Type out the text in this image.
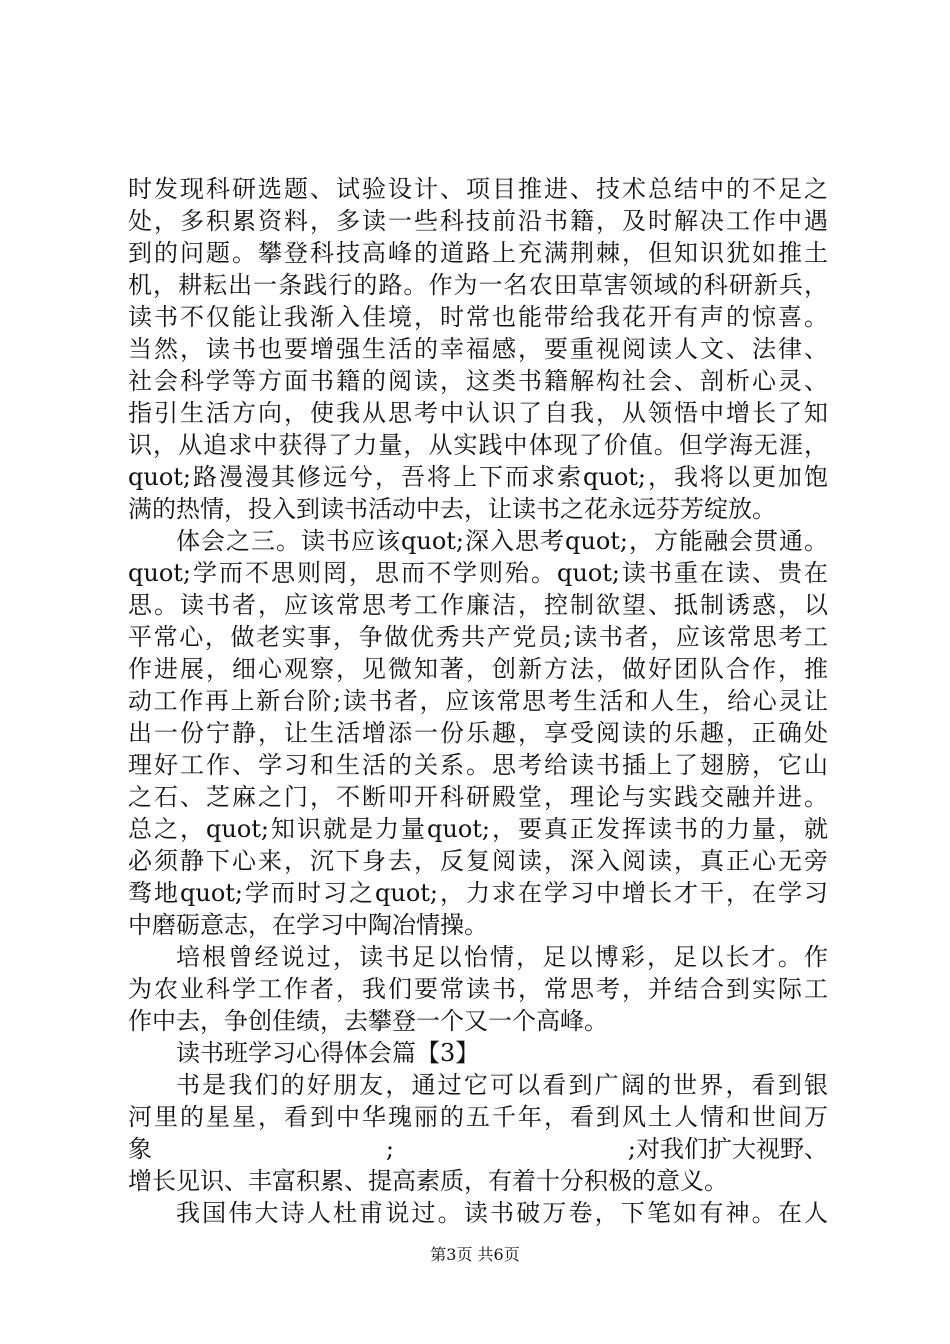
时发现科研选题、试验设计、项目推进、技术总结中的不足之
处，多积累资料，多读一些科技前沿书籍，及时解决工作中遇
到的问题。攀登科技高峰的道路上充满荆棘，但知识犹如推土
机，耕耘出一条践行的路。作为一名农田草害领域的科研新兵，
读书不仅能让我渐入佳境，时常也能带给我花开有声的惊喜。
当然，读书也要增强生活的幸福感，要重视阅读人文、法律、
社会科学等方面书籍的阅读，这类书籍解构社会、剖析心灵、
指引生活方向，使我从思考中认识了自我，从领悟中增长了知
识，从追求中获得了力量，从实践中体现了价值。但学海无涯，
quot;路漫漫其修远兮，吾将上下而求索quot;，我将以更加饱
满的热情，投入到读书活动中去，让读书之花永远芬芳绽放。
体会之三。读书应该quot;深入思考quot;，方能融会贯通。
quot;学而不思则罔，思而不学则殆。quot;读书重在读、贵在
思。读书者，应该常思考工作廉洁，控制欲望、抵制诱惑，以
平常心，做老实事，争做优秀共产党员;读书者，应该常思考工
作进展，细心观察，见微知著，创新方法，做好团队合作，推
动工作再上新台阶;读书者，应该常思考生活和人生，给心灵让
出一份宁静，让生活增添一份乐趣，享受阅读的乐趣，正确处
理好工作、学习和生活的关系。思考给读书插上了翅膀，它山
之石、芝麻之门，不断叩开科研殿堂，理论与实践交融并进。
总之，quot;知识就是力量quot;，要真正发挥读书的力量，就
必须静下心来，沉下身去，反复阅读，深入阅读，真正心无旁
骛地quot;学而时习之quot;，力求在学习中增长才干，在学习
中磨砺意志，在学习中陶冶情操。
培根曾经说过，读书足以怡情，足以博彩，足以长才。作
为农业科学工作者，我们要常读书，常思考，并结合到实际工
作中去，争创佳绩，去攀登一个又一个高峰。
读书班学习心得体会篇【3】
书是我们的好朋友，通过它可以看到广阔的世界，看到银
河里的星星，看到中华瑰丽的五千年，看到风土人情和世间万
象	;	;对我们扩大视野、
增长见识、丰富积累、提高素质，有着十分积极的意义。
我国伟大诗人杜甫说过。读书破万卷，下笔如有神。在人
第3页 共6页
